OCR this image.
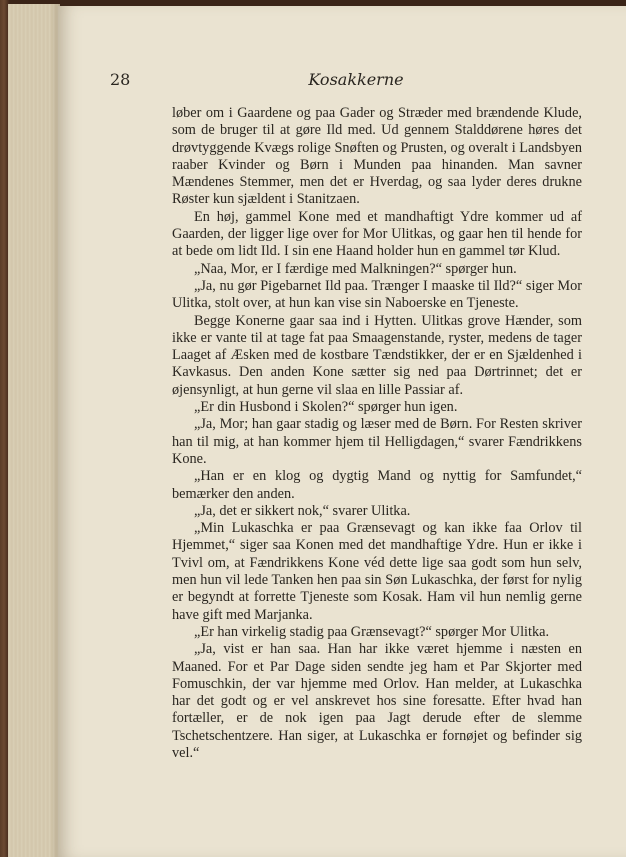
28	Kosakkerne

løber om i Gaardene og paa Gader og Stræder med brændende Klude, som de bruger til at gøre Ild med. Ud gennem Stalddørene høres det drøvtyggende Kvægs rolige Snøften og Prusten, og overalt i Landsbyen raaber Kvinder og Børn i Munden paa hinanden. Man savner Mændenes Stemmer, men det er Hverdag, og saa lyder deres drukne Røster kun sjældent i Stanitzaen.

En høj, gammel Kone med et mandhaftigt Ydre kommer ud af Gaarden, der ligger lige over for Mor Ulitkas, og gaar hen til hende for at bede om lidt Ild. I sin ene Haand holder hun en gammel tør Klud.

„Naa, Mor, er I færdige med Malkningen?“ spørger hun.

„Ja, nu gør Pigebarnet Ild paa. Trænger I maaske til Ild?“ siger Mor Ulitka, stolt over, at hun kan vise sin Naboerske en Tjeneste.

Begge Konerne gaar saa ind i Hytten. Ulitkas grove Hænder, som ikke er vante til at tage fat paa Smaagenstande, ryster, medens de tager Laaget af Æsken med de kostbare Tændstikker, der er en Sjældenhed i Kavkasus. Den anden Kone sætter sig ned paa Dørtrinnet; det er øjensynligt, at hun gerne vil slaa en lille Passiar af.

„Er din Husbond i Skolen?“ spørger hun igen.

„Ja, Mor; han gaar stadig og læser med de Børn. For Resten skriver han til mig, at han kommer hjem til Helligdagen,“ svarer Fændrikkens Kone.

„Han er en klog og dygtig Mand og nyttig for Samfundet,“ bemærker den anden.

„Ja, det er sikkert nok,“ svarer Ulitka.

„Min Lukaschka er paa Grænsevagt og kan ikke faa Orlov til Hjemmet,“ siger saa Konen med det mandhaftige Ydre. Hun er ikke i Tvivl om, at Fændrikkens Kone véd dette lige saa godt som hun selv, men hun vil lede Tanken hen paa sin Søn Lukaschka, der først for nylig er begyndt at forrette Tjeneste som Kosak. Ham vil hun nemlig gerne have gift med Marjanka.

„Er han virkelig stadig paa Grænsevagt?“ spørger Mor Ulitka.

„Ja, vist er han saa. Han har ikke været hjemme i næsten en Maaned. For et Par Dage siden sendte jeg ham et Par Skjorter med Fomuschkin, der var hjemme med Orlov. Han melder, at Lukaschka har det godt og er vel anskrevet hos sine foresatte. Efter hvad han fortæller, er de nok igen paa Jagt derude efter de slemme Tschetschentzere. Han siger, at Lukaschka er fornøjet og befinder sig vel.“
